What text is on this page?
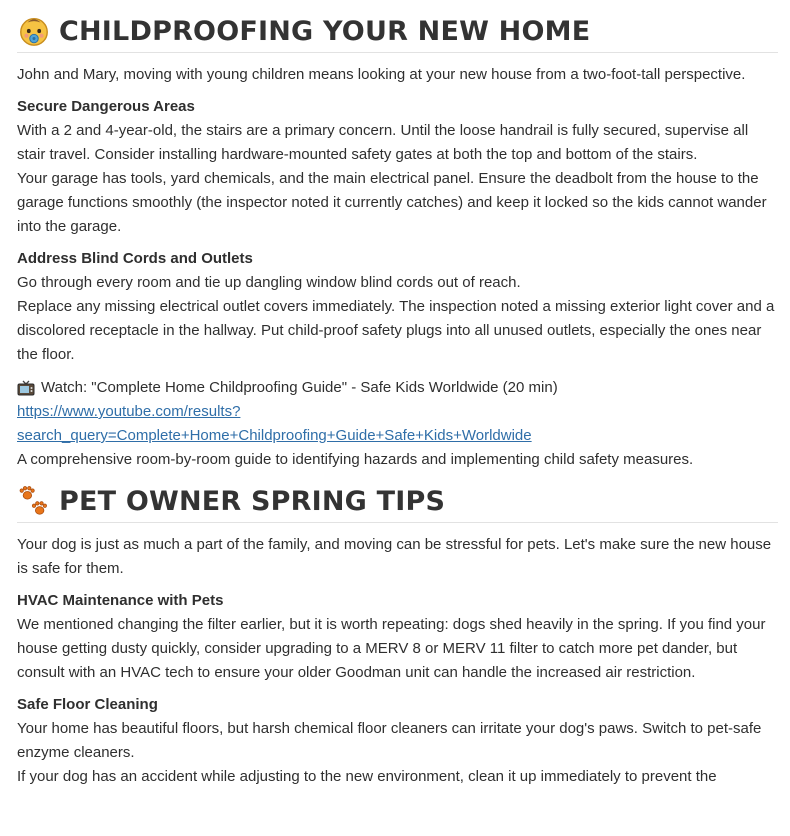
CHILDPROOFING YOUR NEW HOME

John and Mary, moving with young children means looking at your new house from a two-foot-tall perspective.

Secure Dangerous Areas

With a 2 and 4-year-old, the stairs are a primary concern. Until the loose handrail is fully secured, supervise all stair travel. Consider installing hardware-mounted safety gates at both the top and bottom of the stairs.

Your garage has tools, yard chemicals, and the main electrical panel. Ensure the deadbolt from the house to the garage functions smoothly (the inspector noted it currently catches) and keep it locked so the kids cannot wander into the garage.

Address Blind Cords and Outlets

Go through every room and tie up dangling window blind cords out of reach.

Replace any missing electrical outlet covers immediately. The inspection noted a missing exterior light cover and a discolored receptacle in the hallway. Put child-proof safety plugs into all unused outlets, especially the ones near the floor.

Watch: "Complete Home Childproofing Guide" - Safe Kids Worldwide (20 min)

https://www.youtube.com/results?

search_query=Complete+Home+Childproofing+Guide+Safe+Kids+Worldwide

A comprehensive room-by-room guide to identifying hazards and implementing child safety measures.

PET OWNER SPRING TIPS

Your dog is just as much a part of the family, and moving can be stressful for pets. Let's make sure the new house is safe for them.

HVAC Maintenance with Pets

We mentioned changing the filter earlier, but it is worth repeating: dogs shed heavily in the spring. If you find your house getting dusty quickly, consider upgrading to a MERV 8 or MERV 11 filter to catch more pet dander, but consult with an HVAC tech to ensure your older Goodman unit can handle the increased air restriction.

Safe Floor Cleaning

Your home has beautiful floors, but harsh chemical floor cleaners can irritate your dog's paws. Switch to pet-safe enzyme cleaners.

If your dog has an accident while adjusting to the new environment, clean it up immediately to prevent the
